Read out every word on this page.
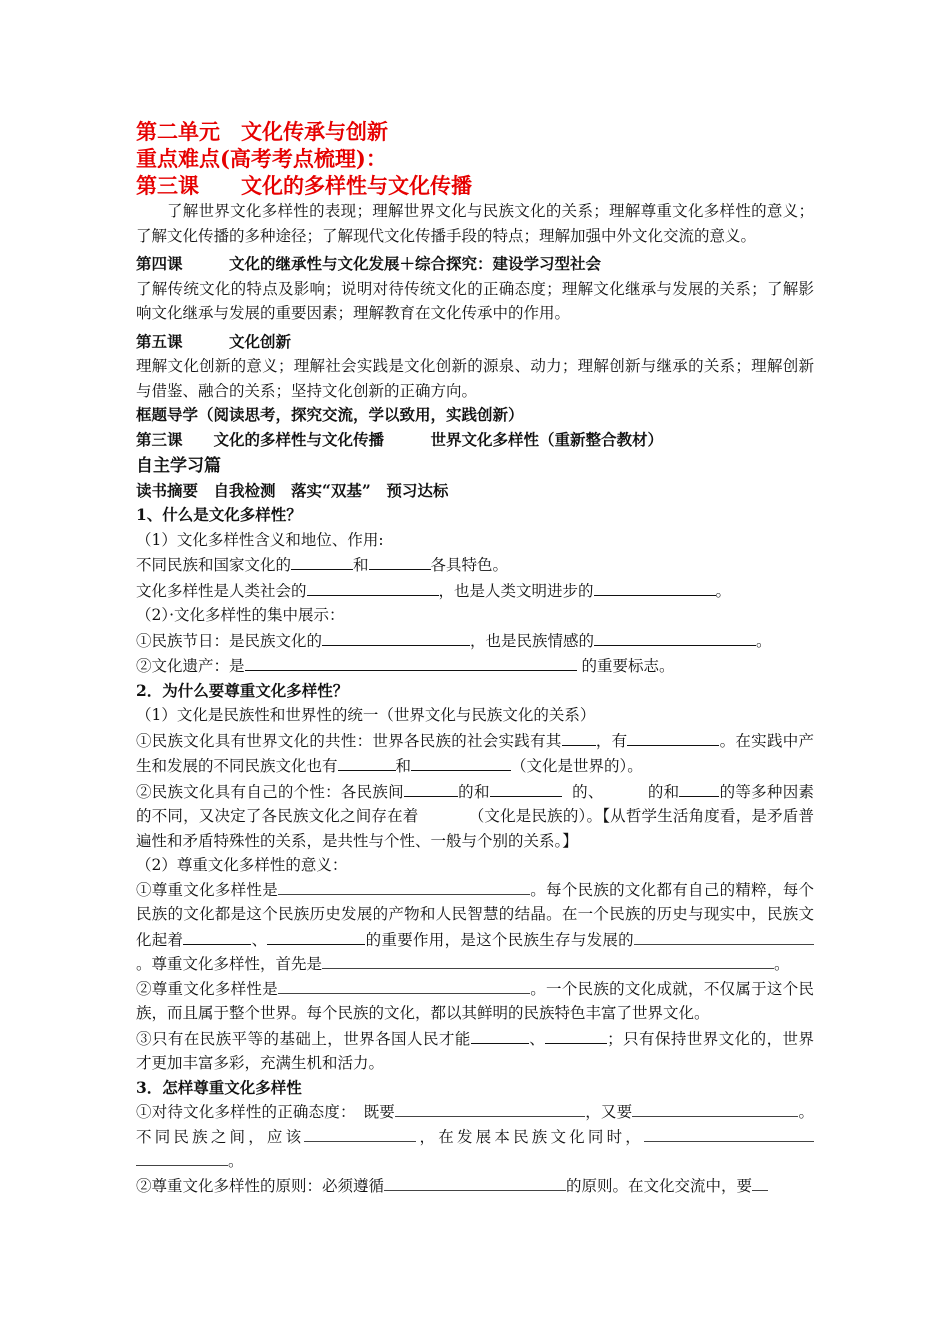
第二单元　文化传承与创新

重点难点(高考考点梳理)：

第三课　　文化的多样性与文化传播

了解世界文化多样性的表现；理解世界文化与民族文化的关系；理解尊重文化多样性的意义；了解文化传播的多种途径；了解现代文化传播手段的特点；理解加强中外文化交流的意义。

第四课　　　文化的继承性与文化发展＋综合探究：建设学习型社会

了解传统文化的特点及影响；说明对待传统文化的正确态度；理解文化继承与发展的关系；了解影响文化继承与发展的重要因素；理解教育在文化传承中的作用。

第五课　　　文化创新

理解文化创新的意义；理解社会实践是文化创新的源泉、动力；理解创新与继承的关系；理解创新与借鉴、融合的关系；坚持文化创新的正确方向。

框题导学（阅读思考，探究交流，学以致用，实践创新）

第三课　　文化的多样性与文化传播　　　世界文化多样性（重新整合教材）

自主学习篇

读书摘要　自我检测　落实“双基”　预习达标

1、什么是文化多样性？

（1）文化多样性含义和地位、作用:

不同民族和国家文化的	和	各具特色。

文化多样性是人类社会的	，也是人类文明进步的	。

（2）·文化多样性的集中展示：

①民族节日：是民族文化的	，也是民族情感的	。

②文化遗产：是	的重要标志。

2．为什么要尊重文化多样性？

（1）文化是民族性和世界性的统一（世界文化与民族文化的关系）

①民族文化具有世界文化的共性：世界各民族的社会实践有其 ，有	。在实践中产生和发展的不同民族文化也有	和	（文化是世界的）。

②民族文化具有自己的个性：各民族间	的和	的、	的和	的等多种因素的不同，又决定了各民族文化之间存在着	（文化是民族的）。【从哲学生活角度看，是矛盾普遍性和矛盾特殊性的关系，是共性与个性、一般与个别的关系。】

（2）尊重文化多样性的意义：

①尊重文化多样性是	。每个民族的文化都有自己的精粹，每个民族的文化都是这个民族历史发展的产物和人民智慧的结晶。在一个民族的历史与现实中，民族文化起着	、	的重要作用，是这个民族生存与发展的。尊重文化多样性，首先是	。

②尊重文化多样性是	。一个民族的文化成就，不仅属于这个民族，而且属于整个世界。每个民族的文化，都以其鲜明的民族特色丰富了世界文化。

③只有在民族平等的基础上，世界各国人民才能	、	；只有保持世界文化的，世界才更加丰富多彩，充满生机和活力。

3．怎样尊重文化多样性

①对待文化多样性的正确态度：　既要	，又要	。不同民族之间，应该	，在发展本民族文化同时，。

②尊重文化多样性的原则：必须遵循	的原则。在文化交流中，要
